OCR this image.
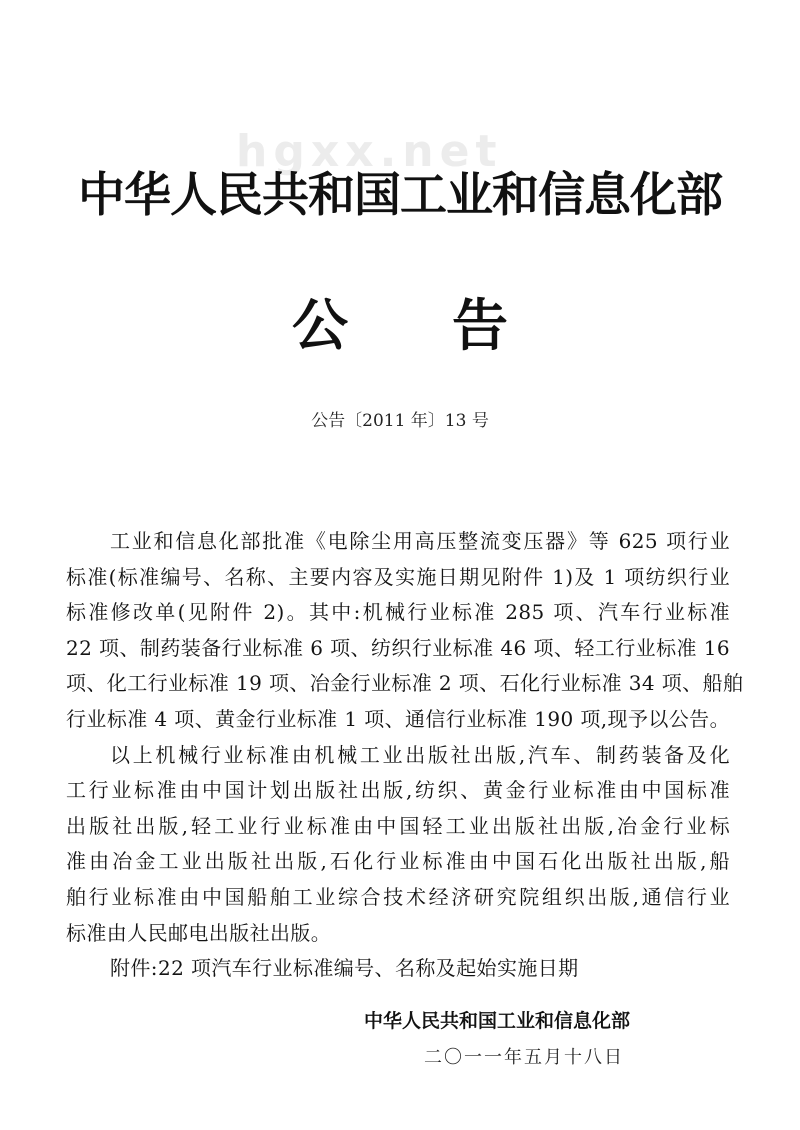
hgxx.net
中华人民共和国工业和信息化部
公 告
公告〔2011 年〕13 号
工业和信息化部批准《电除尘用高压整流变压器》等 625 项行业
标准(标准编号、名称、主要内容及实施日期见附件 1)及 1 项纺织行业
标准修改单(见附件 2)。其中:机械行业标准 285 项、汽车行业标准
22 项、制药装备行业标准 6 项、纺织行业标准 46 项、轻工行业标准 16
项、化工行业标准 19 项、冶金行业标准 2 项、石化行业标准 34 项、船舶
行业标准 4 项、黄金行业标准 1 项、通信行业标准 190 项,现予以公告。
以上机械行业标准由机械工业出版社出版,汽车、制药装备及化
工行业标准由中国计划出版社出版,纺织、黄金行业标准由中国标准
出版社出版,轻工业行业标准由中国轻工业出版社出版,冶金行业标
准由冶金工业出版社出版,石化行业标准由中国石化出版社出版,船
舶行业标准由中国船舶工业综合技术经济研究院组织出版,通信行业
标准由人民邮电出版社出版。
附件:22 项汽车行业标准编号、名称及起始实施日期
中华人民共和国工业和信息化部
二〇一一年五月十八日
